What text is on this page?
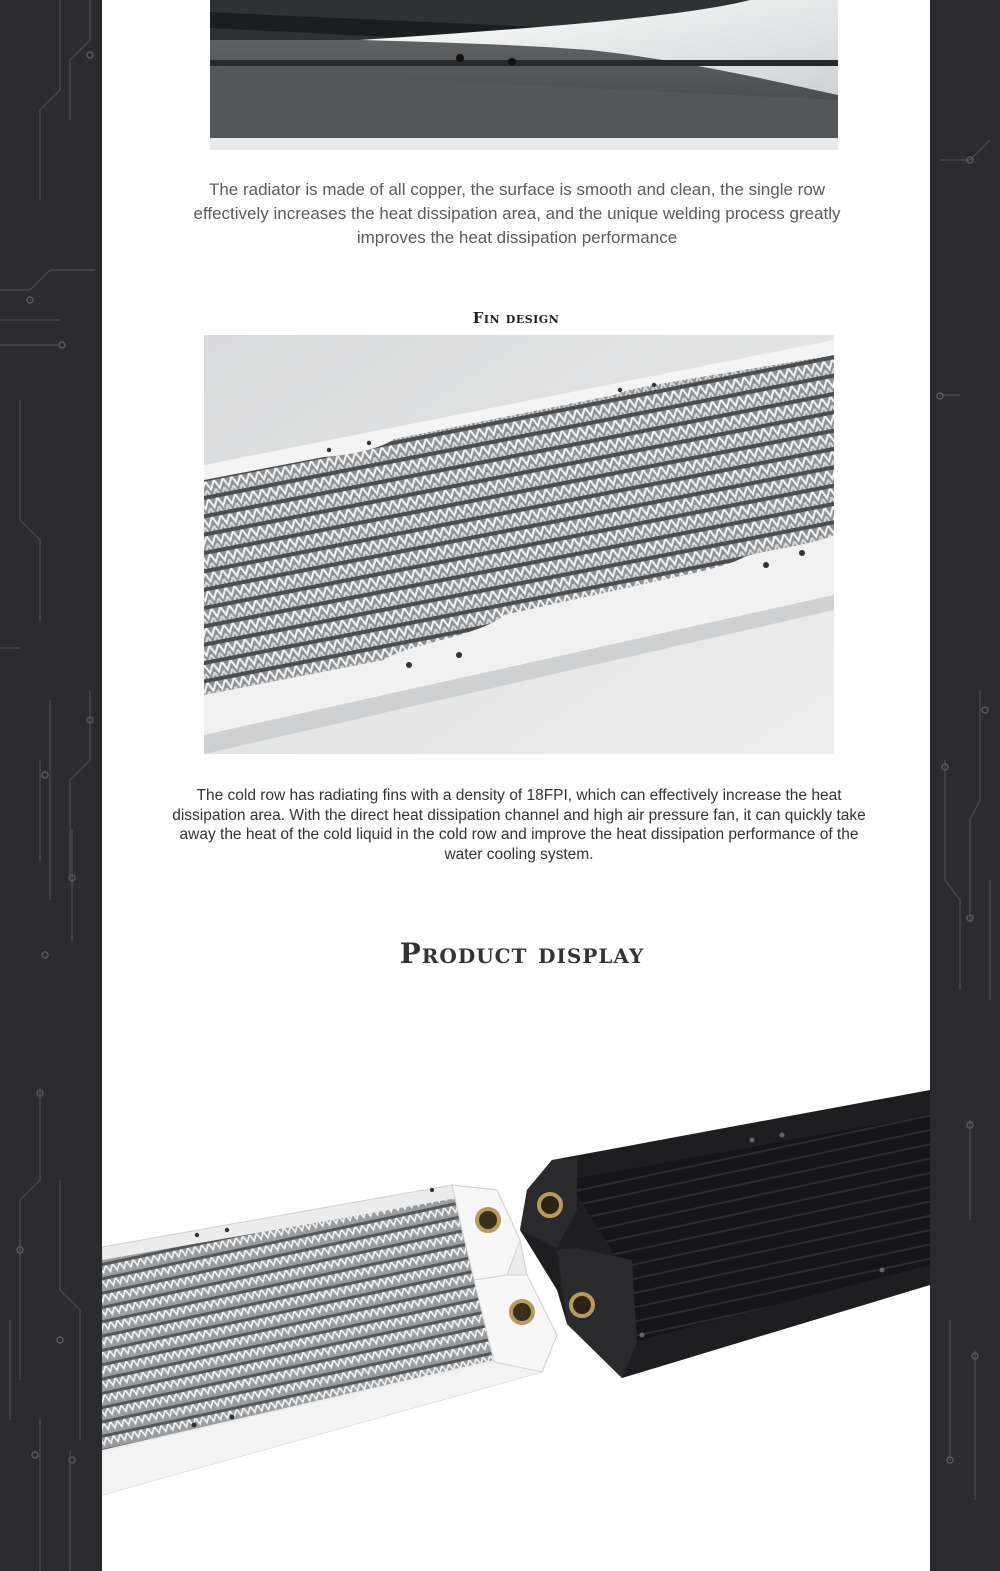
The radiator is made of all copper, the surface is smooth and clean, the single row effectively increases the heat dissipation area, and the unique welding process greatly improves the heat dissipation performance
Fin design
The cold row has radiating fins with a density of 18FPI, which can effectively increase the heat dissipation area. With the direct heat dissipation channel and high air pressure fan, it can quickly take away the heat of the cold liquid in the cold row and improve the heat dissipation performance of the water cooling system.
Product display
